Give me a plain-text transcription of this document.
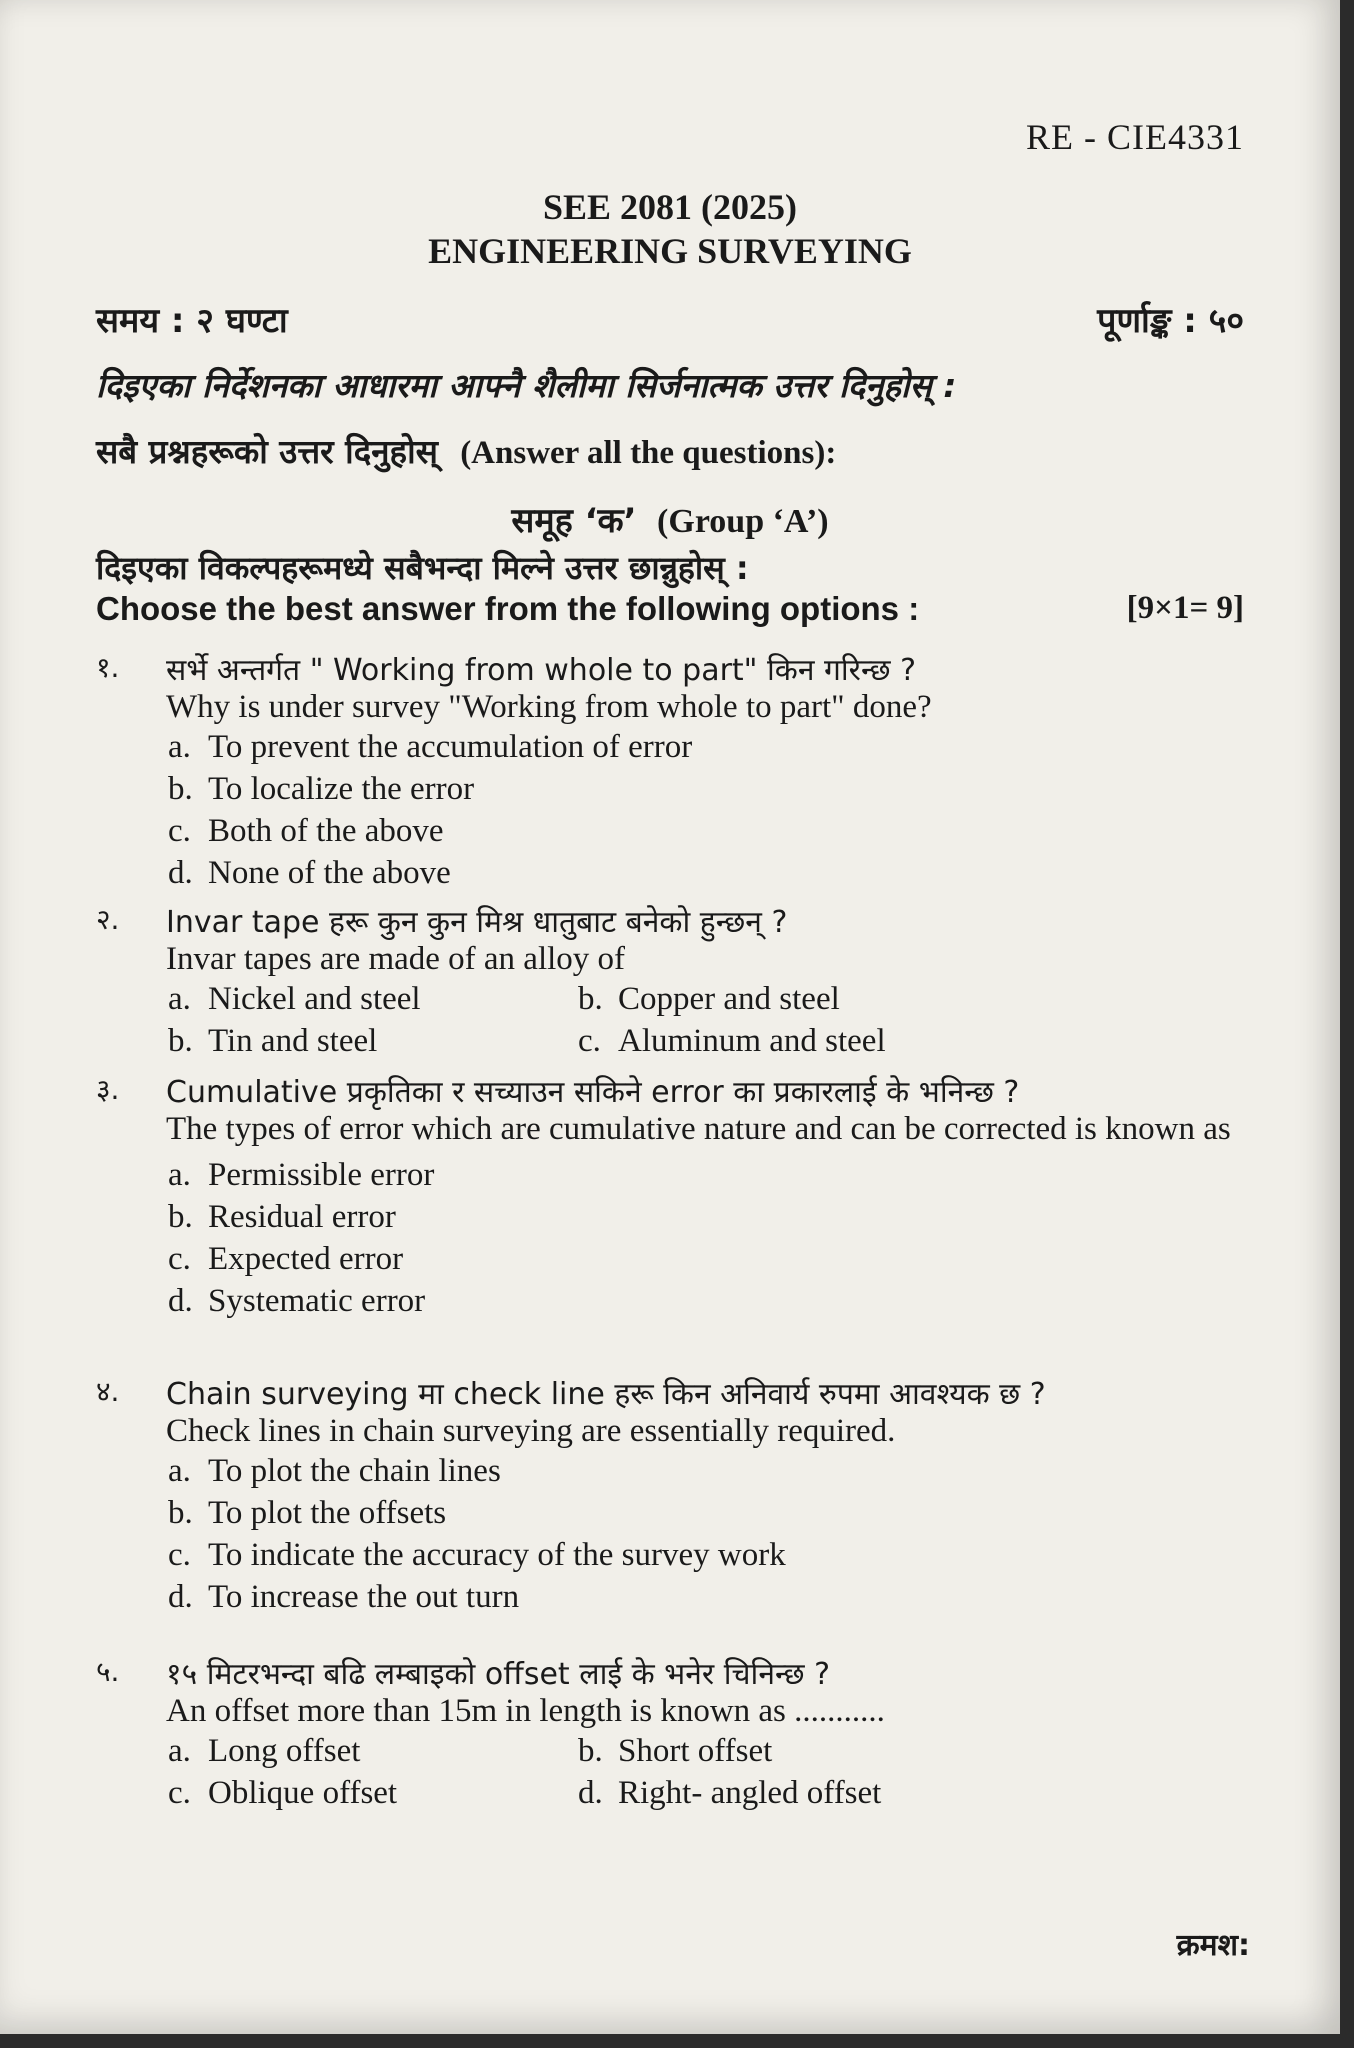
RE - CIE4331
SEE 2081 (2025)
ENGINEERING SURVEYING
समय : २ घण्टा	पूर्णाङ्क : ५०
दिइएका निर्देशनका आधारमा आफ्नै शैलीमा सिर्जनात्मक उत्तर दिनुहोस् :
सबै प्रश्नहरूको उत्तर दिनुहोस् (Answer all the questions):
समूह ‘क’ (Group ‘A’)
दिइएका विकल्पहरूमध्ये सबैभन्दा मिल्ने उत्तर छान्नुहोस् :
Choose the best answer from the following options :	[9×1= 9]
१.	सर्भे अन्तर्गत " Working from whole to part" किन गरिन्छ ?
Why is under survey "Working from whole to part" done?
a. To prevent the accumulation of error
b. To localize the error
c. Both of the above
d. None of the above
२.	Invar tape हरू कुन कुन मिश्र धातुबाट बनेको हुन्छन् ?
Invar tapes are made of an alloy of
a. Nickel and steel	b. Copper and steel
b. Tin and steel	c. Aluminum and steel
३.	Cumulative प्रकृतिका र सच्याउन सकिने error का प्रकारलाई के भनिन्छ ?
The types of error which are cumulative nature and can be corrected is known as
a. Permissible error
b. Residual error
c. Expected error
d. Systematic error
४.	Chain surveying मा check line हरू किन अनिवार्य रुपमा आवश्यक छ ?
Check lines in chain surveying are essentially required.
a. To plot the chain lines
b. To plot the offsets
c. To indicate the accuracy of the survey work
d. To increase the out turn
५.	१५ मिटरभन्दा बढि लम्बाइको offset लाई के भनेर चिनिन्छ ?
An offset more than 15m in length is known as ...........
a. Long offset	b. Short offset
c. Oblique offset	d. Right- angled offset
क्रमश:
